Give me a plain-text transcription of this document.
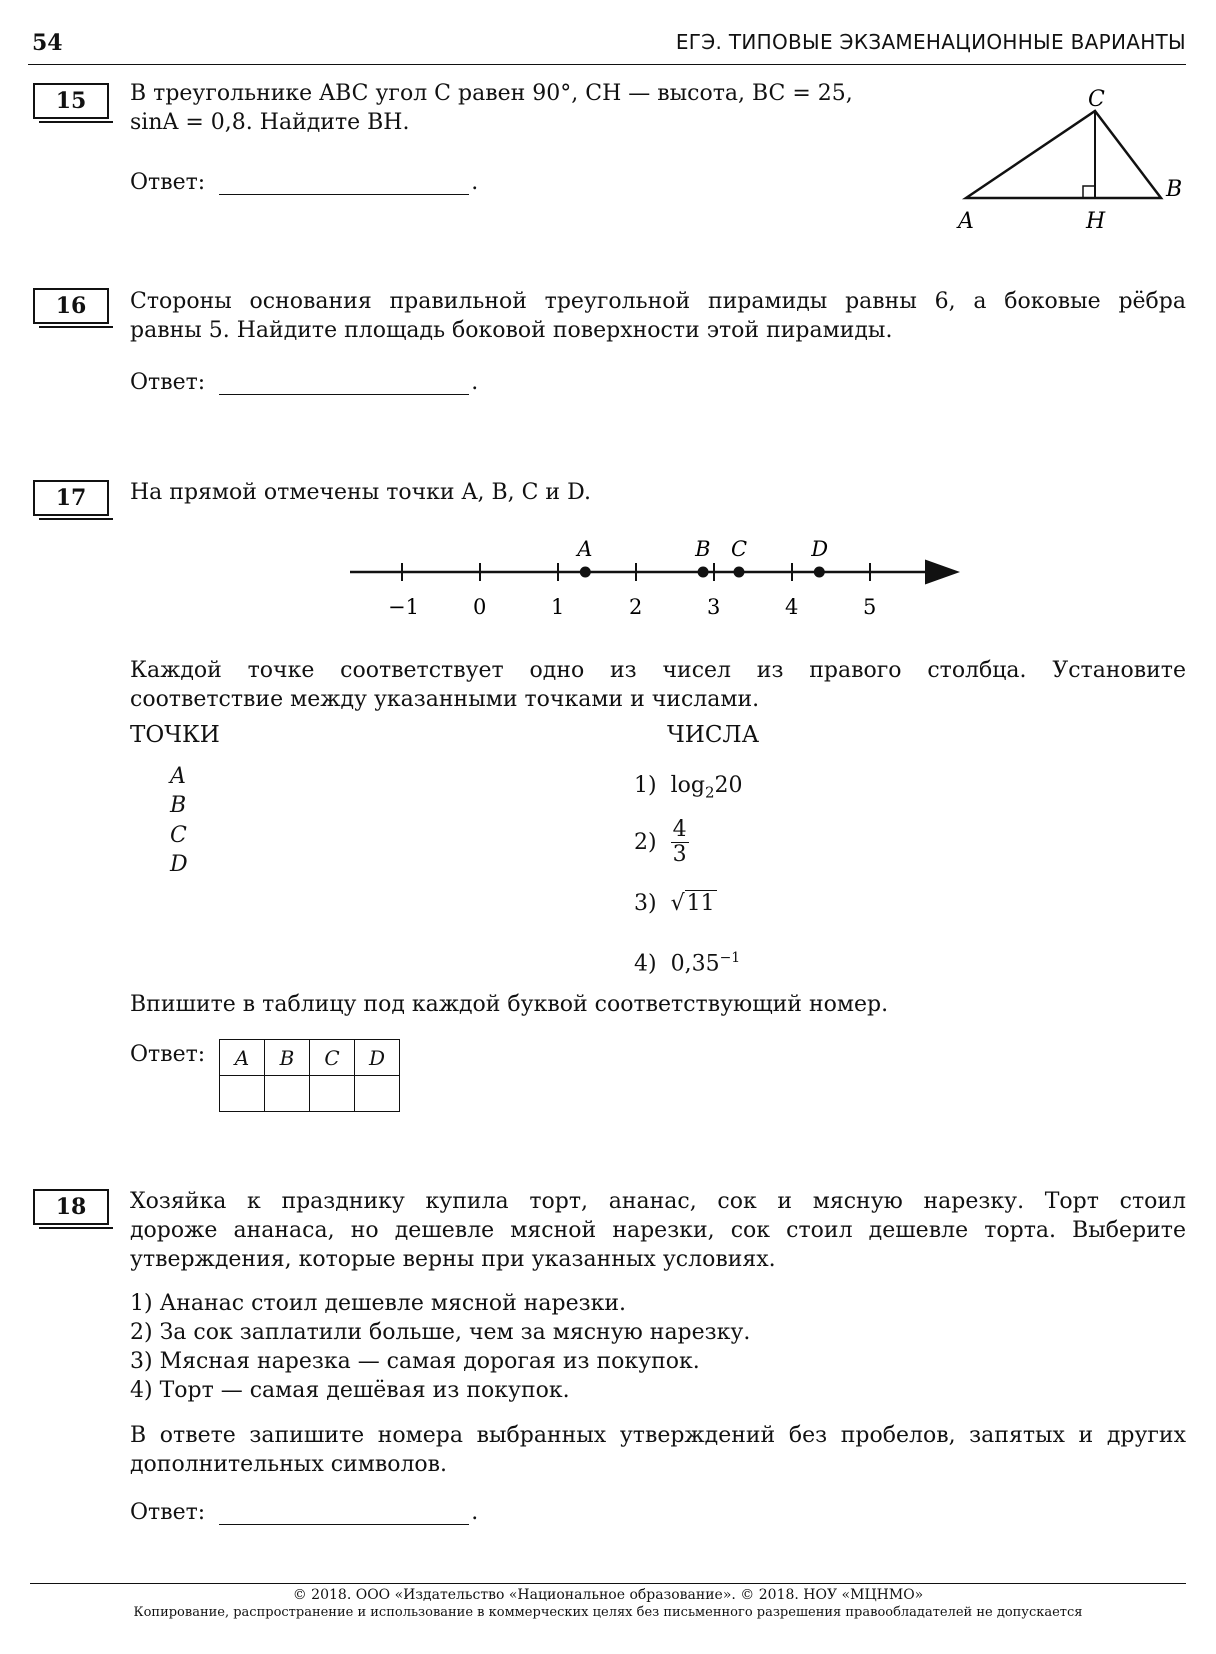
54	ЕГЭ. ТИПОВЫЕ ЭКЗАМЕНАЦИОННЫЕ ВАРИАНТЫ
15	В треугольнике ABC угол C равен 90°, CH — высота, BC = 25,
sinA = 0,8. Найдите BH.
Ответ:	.
C
A
B
H
16	Стороны основания правильной треугольной пирамиды равны 6, а боковые рёбра
равны 5. Найдите площадь боковой поверхности этой пирамиды.
Ответ:	.
17	На прямой отмечены точки A, B, C и D.
−1	0	1	2	3	4	5
A	B C	D
Каждой точке соответствует одно из чисел из правого столбца. Установите
соответствие между указанными точками и числами.
ТОЧКИ	ЧИСЛА
A
B
C
D
1) $\log_220$
2)
$\frac{4}{3}$
3) √11
4) $0,35^{-1}$
Впишите в таблицу под каждой буквой соответствующий номер.
Ответ: A	B	C	D

18	Хозяйка к празднику купила торт, ананас, сок и мясную нарезку. Торт стоил
дороже ананаса, но дешевле мясной нарезки, сок стоил дешевле торта. Выберите
утверждения, которые верны при указанных условиях.
1) Ананас стоил дешевле мясной нарезки.
2) За сок заплатили больше, чем за мясную нарезку.
3) Мясная нарезка — самая дорогая из покупок.
4) Торт — самая дешёвая из покупок.
В ответе запишите номера выбранных утверждений без пробелов, запятых и других
дополнительных символов.
Ответ:	.
© 2018. ООО «Издательство «Национальное образование». © 2018. НОУ «МЦНМО»
Копирование, распространение и использование в коммерческих целях без письменного разрешения правообладателей не допускается
